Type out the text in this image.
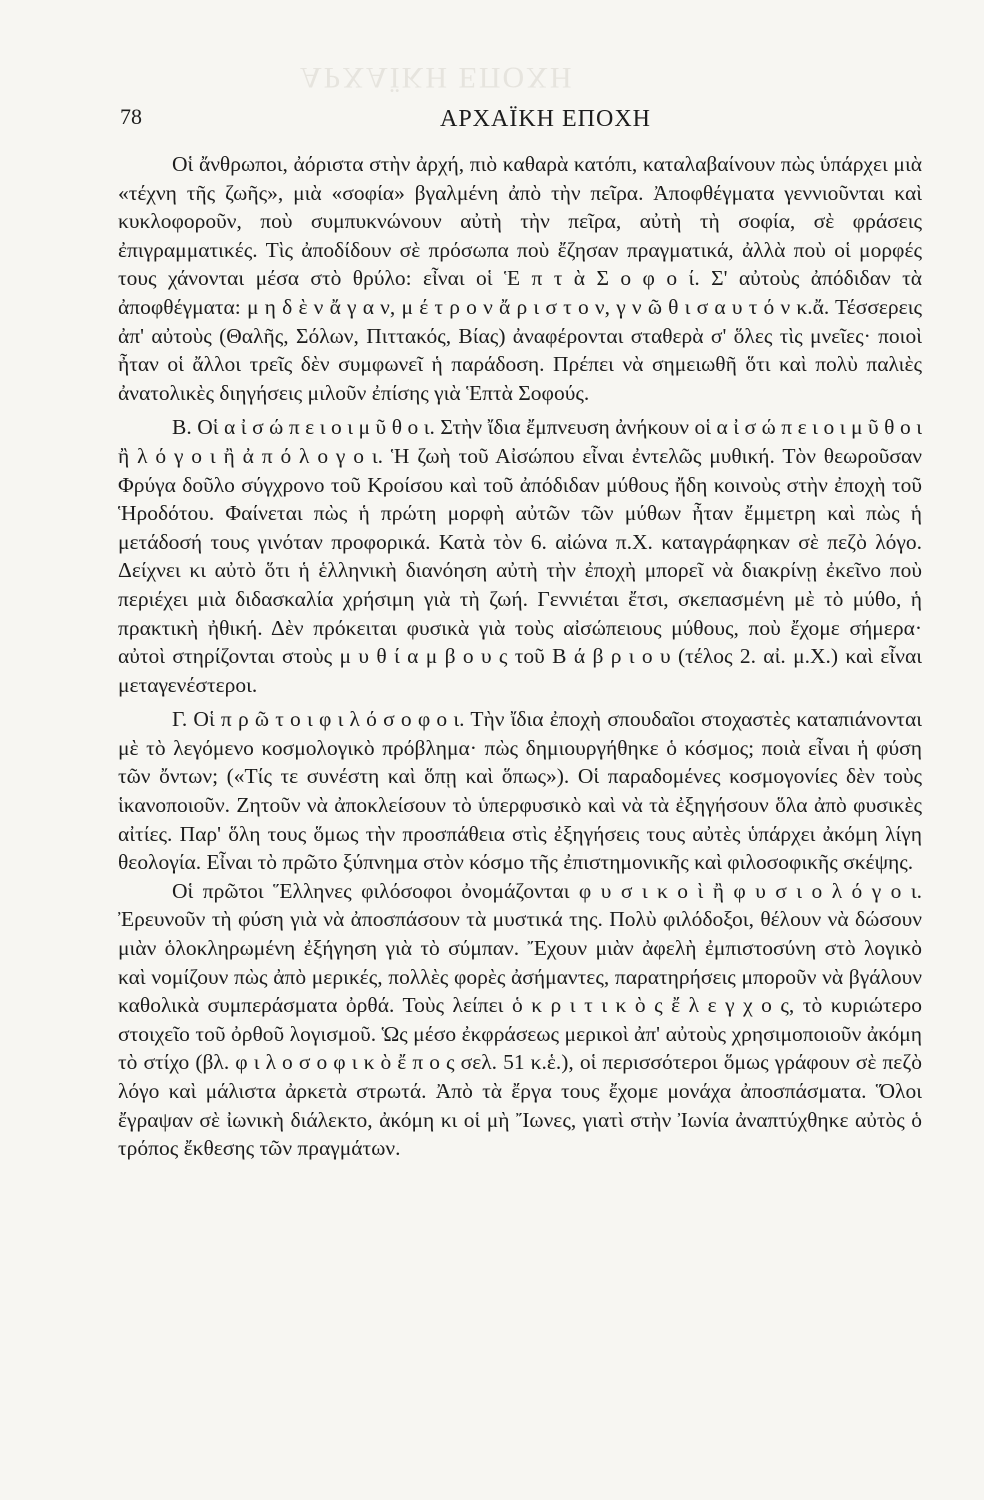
ΑΡΧΑΪΚΗ ΕΠΟΧΗ
78	ΑΡΧΑΪΚΗ ΕΠΟΧΗ

Οἱ ἄνθρωποι, ἀόριστα στὴν ἀρχή, πιὸ καθαρὰ κατόπι, καταλαβαίνουν πὼς ὑπάρχει μιὰ «τέχνη τῆς ζωῆς», μιὰ «σοφία» βγαλμένη ἀπὸ τὴν πεῖρα. Ἀποφθέγματα γεννιοῦνται καὶ κυκλοφοροῦν, ποὺ συμπυκνώνουν αὐτὴ τὴν πεῖρα, αὐτὴ τὴ σοφία, σὲ φράσεις ἐπιγραμματικές. Τὶς ἀποδίδουν σὲ πρόσωπα ποὺ ἔζησαν πραγματικά, ἀλλὰ ποὺ οἱ μορφές τους χάνονται μέσα στὸ θρύλο: εἶναι οἱ Ἑ π τ ὰ Σ ο φ ο ί. Σ' αὐτοὺς ἀπόδιδαν τὰ ἀποφθέγματα: μ η δ ὲ ν ἄ γ α ν, μ έ τ ρ ο ν ἄ ρ ι σ τ ο ν, γ ν ῶ θ ι σ α υ τ ό ν κ.ἄ. Τέσσερεις ἀπ' αὐτοὺς (Θαλῆς, Σόλων, Πιττακός, Βίας) ἀναφέρονται σταθερὰ σ' ὅλες τὶς μνεῖες· ποιοὶ ἦταν οἱ ἄλλοι τρεῖς δὲν συμφωνεῖ ἡ παράδοση. Πρέπει νὰ σημειωθῆ ὅτι καὶ πολὺ παλιὲς ἀνατολικὲς διηγήσεις μιλοῦν ἐπίσης γιὰ Ἑπτὰ Σοφούς.

Β. Οἱ α ἰ σ ώ π ε ι ο ι μ ῦ θ ο ι. Στὴν ἴδια ἔμπνευση ἀνήκουν οἱ α ἰ σ ώ π ε ι ο ι μ ῦ θ ο ι ἢ λ ό γ ο ι ἢ ἀ π ό λ ο γ ο ι. Ἡ ζωὴ τοῦ Αἰσώπου εἶναι ἐντελῶς μυθική. Τὸν θεωροῦσαν Φρύγα δοῦλο σύγχρονο τοῦ Κροίσου καὶ τοῦ ἀπόδιδαν μύθους ἤδη κοινοὺς στὴν ἐποχὴ τοῦ Ἡροδότου. Φαίνεται πὼς ἡ πρώτη μορφὴ αὐτῶν τῶν μύθων ἦταν ἔμμετρη καὶ πὼς ἡ μετάδοσή τους γινόταν προφορικά. Κατὰ τὸν 6. αἰώνα π.Χ. καταγράφηκαν σὲ πεζὸ λόγο. Δείχνει κι αὐτὸ ὅτι ἡ ἑλληνικὴ διανόηση αὐτὴ τὴν ἐποχὴ μπορεῖ νὰ διακρίνῃ ἐκεῖνο ποὺ περιέχει μιὰ διδασκαλία χρήσιμη γιὰ τὴ ζωή. Γεννιέται ἔτσι, σκεπασμένη μὲ τὸ μύθο, ἡ πρακτικὴ ἠθική. Δὲν πρόκειται φυσικὰ γιὰ τοὺς αἰσώπειους μύθους, ποὺ ἔχομε σήμερα· αὐτοὶ στηρίζονται στοὺς μ υ θ ί α μ β ο υ ς τοῦ Β ά β ρ ι ο υ (τέλος 2. αἰ. μ.Χ.) καὶ εἶναι μεταγενέστεροι.

Γ. Οἱ π ρ ῶ τ ο ι φ ι λ ό σ ο φ ο ι. Τὴν ἴδια ἐποχὴ σπουδαῖοι στοχαστὲς καταπιάνονται μὲ τὸ λεγόμενο κοσμολογικὸ πρόβλημα· πὼς δημιουργήθηκε ὁ κόσμος; ποιὰ εἶναι ἡ φύση τῶν ὄντων; («Τίς τε συνέστη καὶ ὅπῃ καὶ ὅπως»). Οἱ παραδομένες κοσμογονίες δὲν τοὺς ἱκανοποιοῦν. Ζητοῦν νὰ ἀποκλείσουν τὸ ὑπερφυσικὸ καὶ νὰ τὰ ἐξηγήσουν ὅλα ἀπὸ φυσικὲς αἰτίες. Παρ' ὅλη τους ὅμως τὴν προσπάθεια στὶς ἐξηγήσεις τους αὐτὲς ὑπάρχει ἀκόμη λίγη θεολογία. Εἶναι τὸ πρῶτο ξύπνημα στὸν κόσμο τῆς ἐπιστημονικῆς καὶ φιλοσοφικῆς σκέψης.

Οἱ πρῶτοι Ἕλληνες φιλόσοφοι ὀνομάζονται φ υ σ ι κ ο ὶ ἢ φ υ σ ι ο λ ό γ ο ι. Ἐρευνοῦν τὴ φύση γιὰ νὰ ἀποσπάσουν τὰ μυστικά της. Πολὺ φιλόδοξοι, θέλουν νὰ δώσουν μιὰν ὁλοκληρωμένη ἐξήγηση γιὰ τὸ σύμπαν. Ἔχουν μιὰν ἀφελὴ ἐμπιστοσύνη στὸ λογικὸ καὶ νομίζουν πὼς ἀπὸ μερικές, πολλὲς φορὲς ἀσήμαντες, παρατηρήσεις μποροῦν νὰ βγάλουν καθολικὰ συμπεράσματα ὀρθά. Τοὺς λείπει ὁ κ ρ ι τ ι κ ὸ ς ἔ λ ε γ χ ο ς, τὸ κυριώτερο στοιχεῖο τοῦ ὀρθοῦ λογισμοῦ. Ὡς μέσο ἐκφράσεως μερικοὶ ἀπ' αὐτοὺς χρησιμοποιοῦν ἀκόμη τὸ στίχο (βλ. φ ι λ ο σ ο φ ι κ ὸ ἔ π ο ς σελ. 51 κ.ἑ.), οἱ περισσότεροι ὅμως γράφουν σὲ πεζὸ λόγο καὶ μάλιστα ἀρκετὰ στρωτά. Ἀπὸ τὰ ἔργα τους ἔχομε μονάχα ἀποσπάσματα. Ὅλοι ἔγραψαν σὲ ἰωνικὴ διάλεκτο, ἀκόμη κι οἱ μὴ Ἴωνες, γιατὶ στὴν Ἰωνία ἀναπτύχθηκε αὐτὸς ὁ τρόπος ἔκθεσης τῶν πραγμάτων.
